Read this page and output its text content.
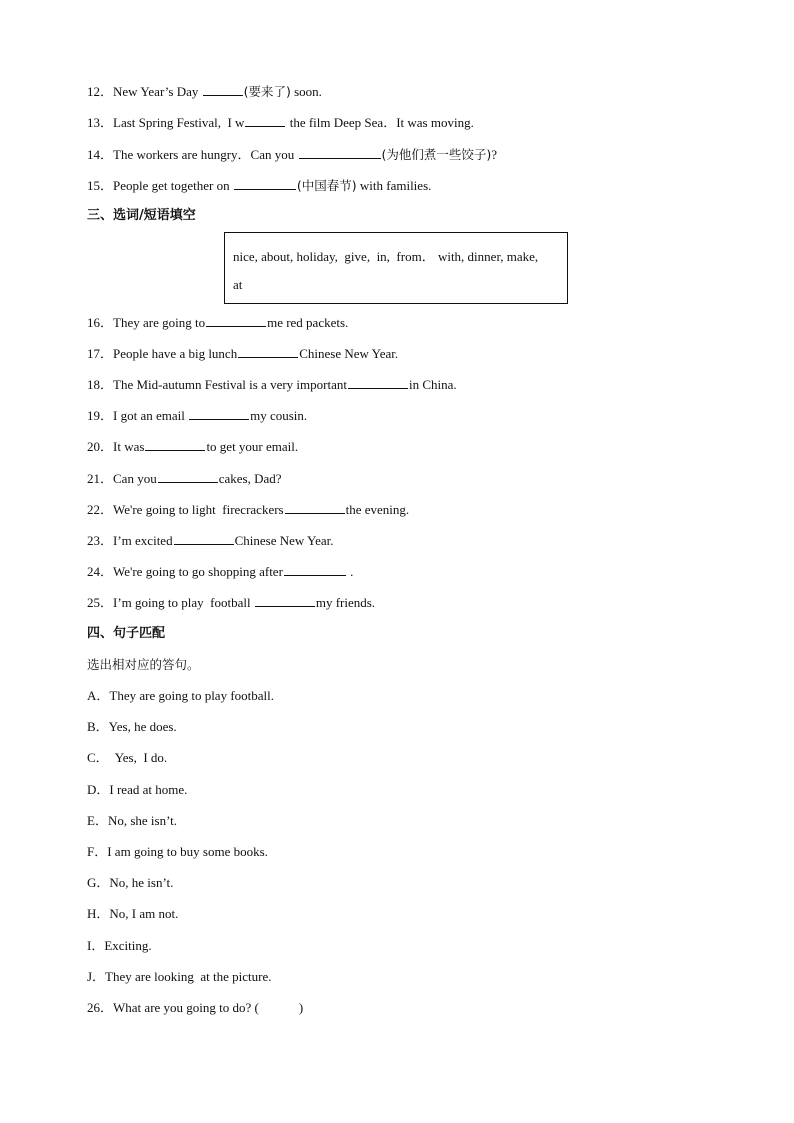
12．New Year’s Day	(要来了) soon.
13．Last Spring Festival,  I w	the film Deep Sea．It was moving.
14．The workers are hungry．Can you	(为他们煮一些饺子)?
15．People get together on	(中国春节) with families.
三、选词/短语填空
nice, about, holiday,  give,  in,  from． with, dinner, make,
at
16．They are going to	me red packets.
17．People have a big lunch	Chinese New Year.
18．The Mid-autumn Festival is a very important	in China.
19．I got an email	my cousin.
20．It was	to get your email.
21．Can you	cakes, Dad?
22．We're going to light  firecrackers	the evening.
23．I’m excited	Chinese New Year.
24．We're going to go shopping after	.
25．I’m going to play  football	my friends.
四、句子匹配
选出相对应的答句。
A．They are going to play football.
B．Yes, he does.
C．  Yes,  I do.
D．I read at home.
E．No, she isn’t.
F．I am going to buy some books.
G．No, he isn’t.
H．No, I am not.
I．Exciting.
J．They are looking  at the picture.
26．What are you going to do? (	)
